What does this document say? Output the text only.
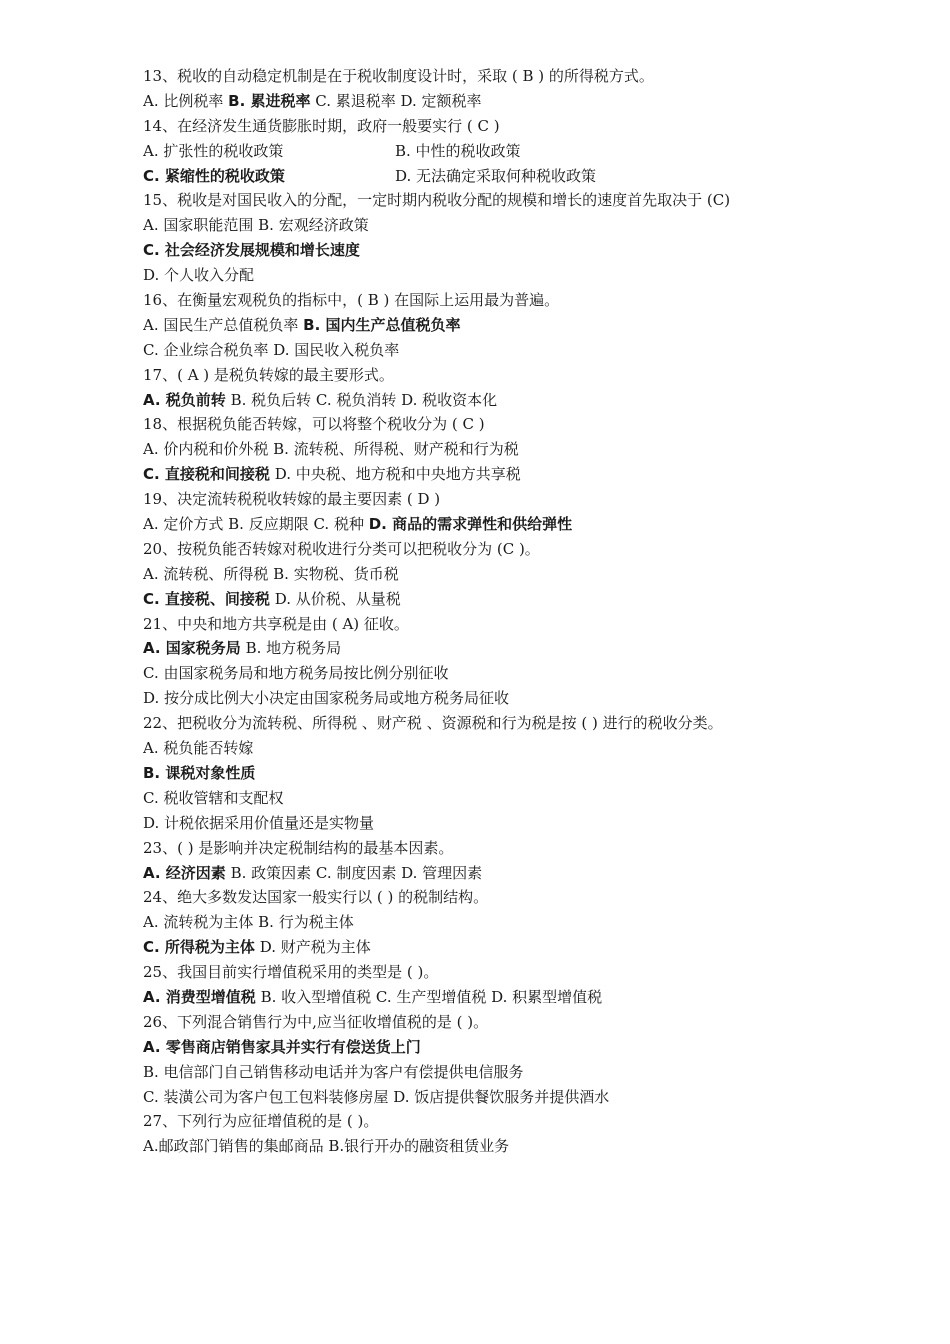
13、税收的自动稳定机制是在于税收制度设计时，采取 ( B ) 的所得税方式。
A. 比例税率 B. 累进税率 C. 累退税率 D. 定额税率
14、在经济发生通货膨胀时期，政府一般要实行 ( C )
A. 扩张性的税收政策	B. 中性的税收政策
C. 紧缩性的税收政策	D. 无法确定采取何种税收政策
15、税收是对国民收入的分配，一定时期内税收分配的规模和增长的速度首先取决于 (C)
A. 国家职能范围 B. 宏观经济政策
C. 社会经济发展规模和增长速度
D. 个人收入分配
16、在衡量宏观税负的指标中，( B ) 在国际上运用最为普遍。
A. 国民生产总值税负率 B. 国内生产总值税负率
C. 企业综合税负率 D. 国民收入税负率
17、( A ) 是税负转嫁的最主要形式。
A. 税负前转 B. 税负后转 C. 税负消转 D. 税收资本化
18、根据税负能否转嫁，可以将整个税收分为 ( C )
A. 价内税和价外税 B. 流转税、所得税、财产税和行为税
C. 直接税和间接税 D. 中央税、地方税和中央地方共享税
19、决定流转税税收转嫁的最主要因素 ( D )
A. 定价方式 B. 反应期限 C. 税种 D. 商品的需求弹性和供给弹性
20、按税负能否转嫁对税收进行分类可以把税收分为 (C )。
A. 流转税、所得税 B. 实物税、货币税
C. 直接税、间接税 D. 从价税、从量税
21、中央和地方共享税是由 ( A) 征收。
A. 国家税务局 B. 地方税务局
C. 由国家税务局和地方税务局按比例分别征收
D. 按分成比例大小决定由国家税务局或地方税务局征收
22、把税收分为流转税、所得税 、财产税 、资源税和行为税是按 ( ) 进行的税收分类。
A. 税负能否转嫁
B. 课税对象性质
C. 税收管辖和支配权
D. 计税依据采用价值量还是实物量
23、( ) 是影响并决定税制结构的最基本因素。
A. 经济因素 B. 政策因素 C. 制度因素 D. 管理因素
24、绝大多数发达国家一般实行以 ( ) 的税制结构。
A. 流转税为主体 B. 行为税主体
C. 所得税为主体 D. 财产税为主体
25、我国目前实行增值税采用的类型是 ( )。
A. 消费型增值税 B. 收入型增值税 C. 生产型增值税 D. 积累型增值税
26、下列混合销售行为中,应当征收增值税的是 ( )。
A. 零售商店销售家具并实行有偿送货上门
B. 电信部门自己销售移动电话并为客户有偿提供电信服务
C. 装潢公司为客户包工包料装修房屋 D. 饭店提供餐饮服务并提供酒水
27、下列行为应征增值税的是 ( )。
A.邮政部门销售的集邮商品 B.银行开办的融资租赁业务
